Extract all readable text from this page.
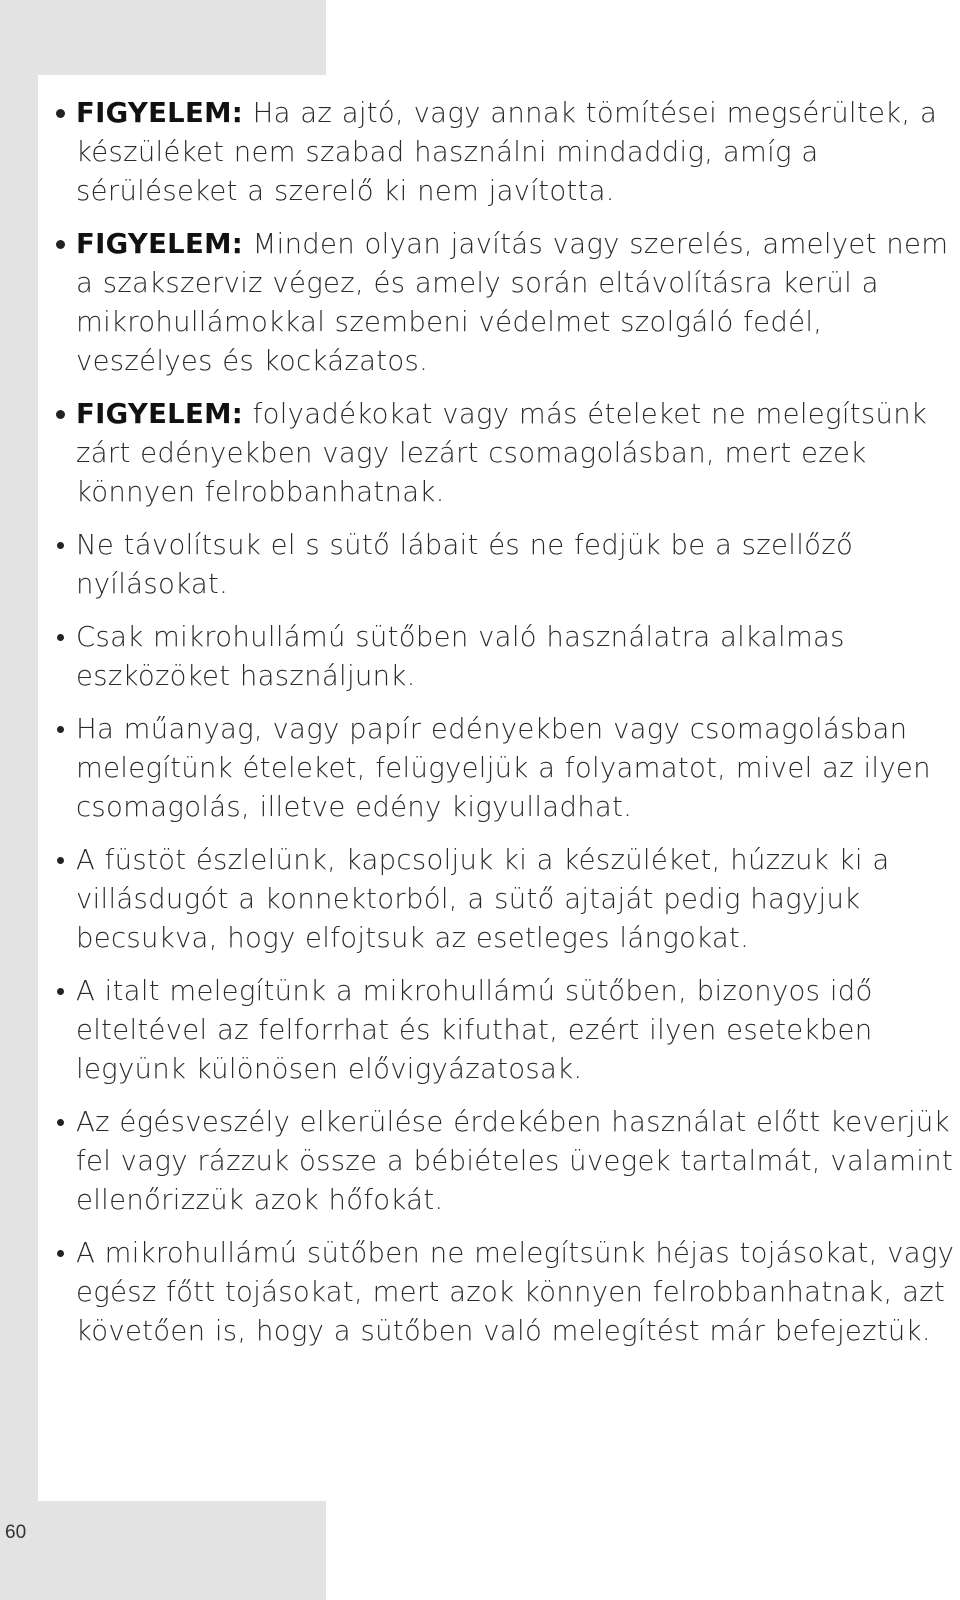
FIGYELEM: Ha az ajtó, vagy annak tömítései megsérültek, a készüléket nem szabad használni mindaddig, amíg a sérüléseket a szerelő ki nem javította.
FIGYELEM: Minden olyan javítás vagy szerelés, amelyet nem a szakszerviz végez, és amely során eltávolításra kerül a mikrohullámokkal szembeni védelmet szolgáló fedél, veszélyes és kockázatos.
FIGYELEM: folyadékokat vagy más ételeket ne melegítsünk zárt edényekben vagy lezárt csomagolásban, mert ezek könnyen felrobbanhatnak.
Ne távolítsuk el s sütő lábait és ne fedjük be a szellőző nyílásokat.
Csak mikrohullámú sütőben való használatra alkalmas eszközöket használjunk.
Ha műanyag, vagy papír edényekben vagy csomagolásban melegítünk ételeket, felügyeljük a folyamatot, mivel az ilyen csomagolás, illetve edény kigyulladhat.
A füstöt észlelünk, kapcsoljuk ki a készüléket, húzzuk ki a villásdugót a konnektorból, a sütő ajtaját pedig hagyjuk becsukva, hogy elfojtsuk az esetleges lángokat.
A italt melegítünk a mikrohullámú sütőben, bizonyos idő elteltével az felforrhat és kifuthat, ezért ilyen esetekben legyünk különösen elővigyázatosak.
Az égésveszély elkerülése érdekében használat előtt keverjük fel vagy rázzuk össze a bébiételes üvegek tartalmát, valamint ellenőrizzük azok hőfokát.
A mikrohullámú sütőben ne melegítsünk héjas tojásokat, vagy egész főtt tojásokat, mert azok könnyen felrobbanhatnak, azt követően is, hogy a sütőben való melegítést már befejeztük.
60
